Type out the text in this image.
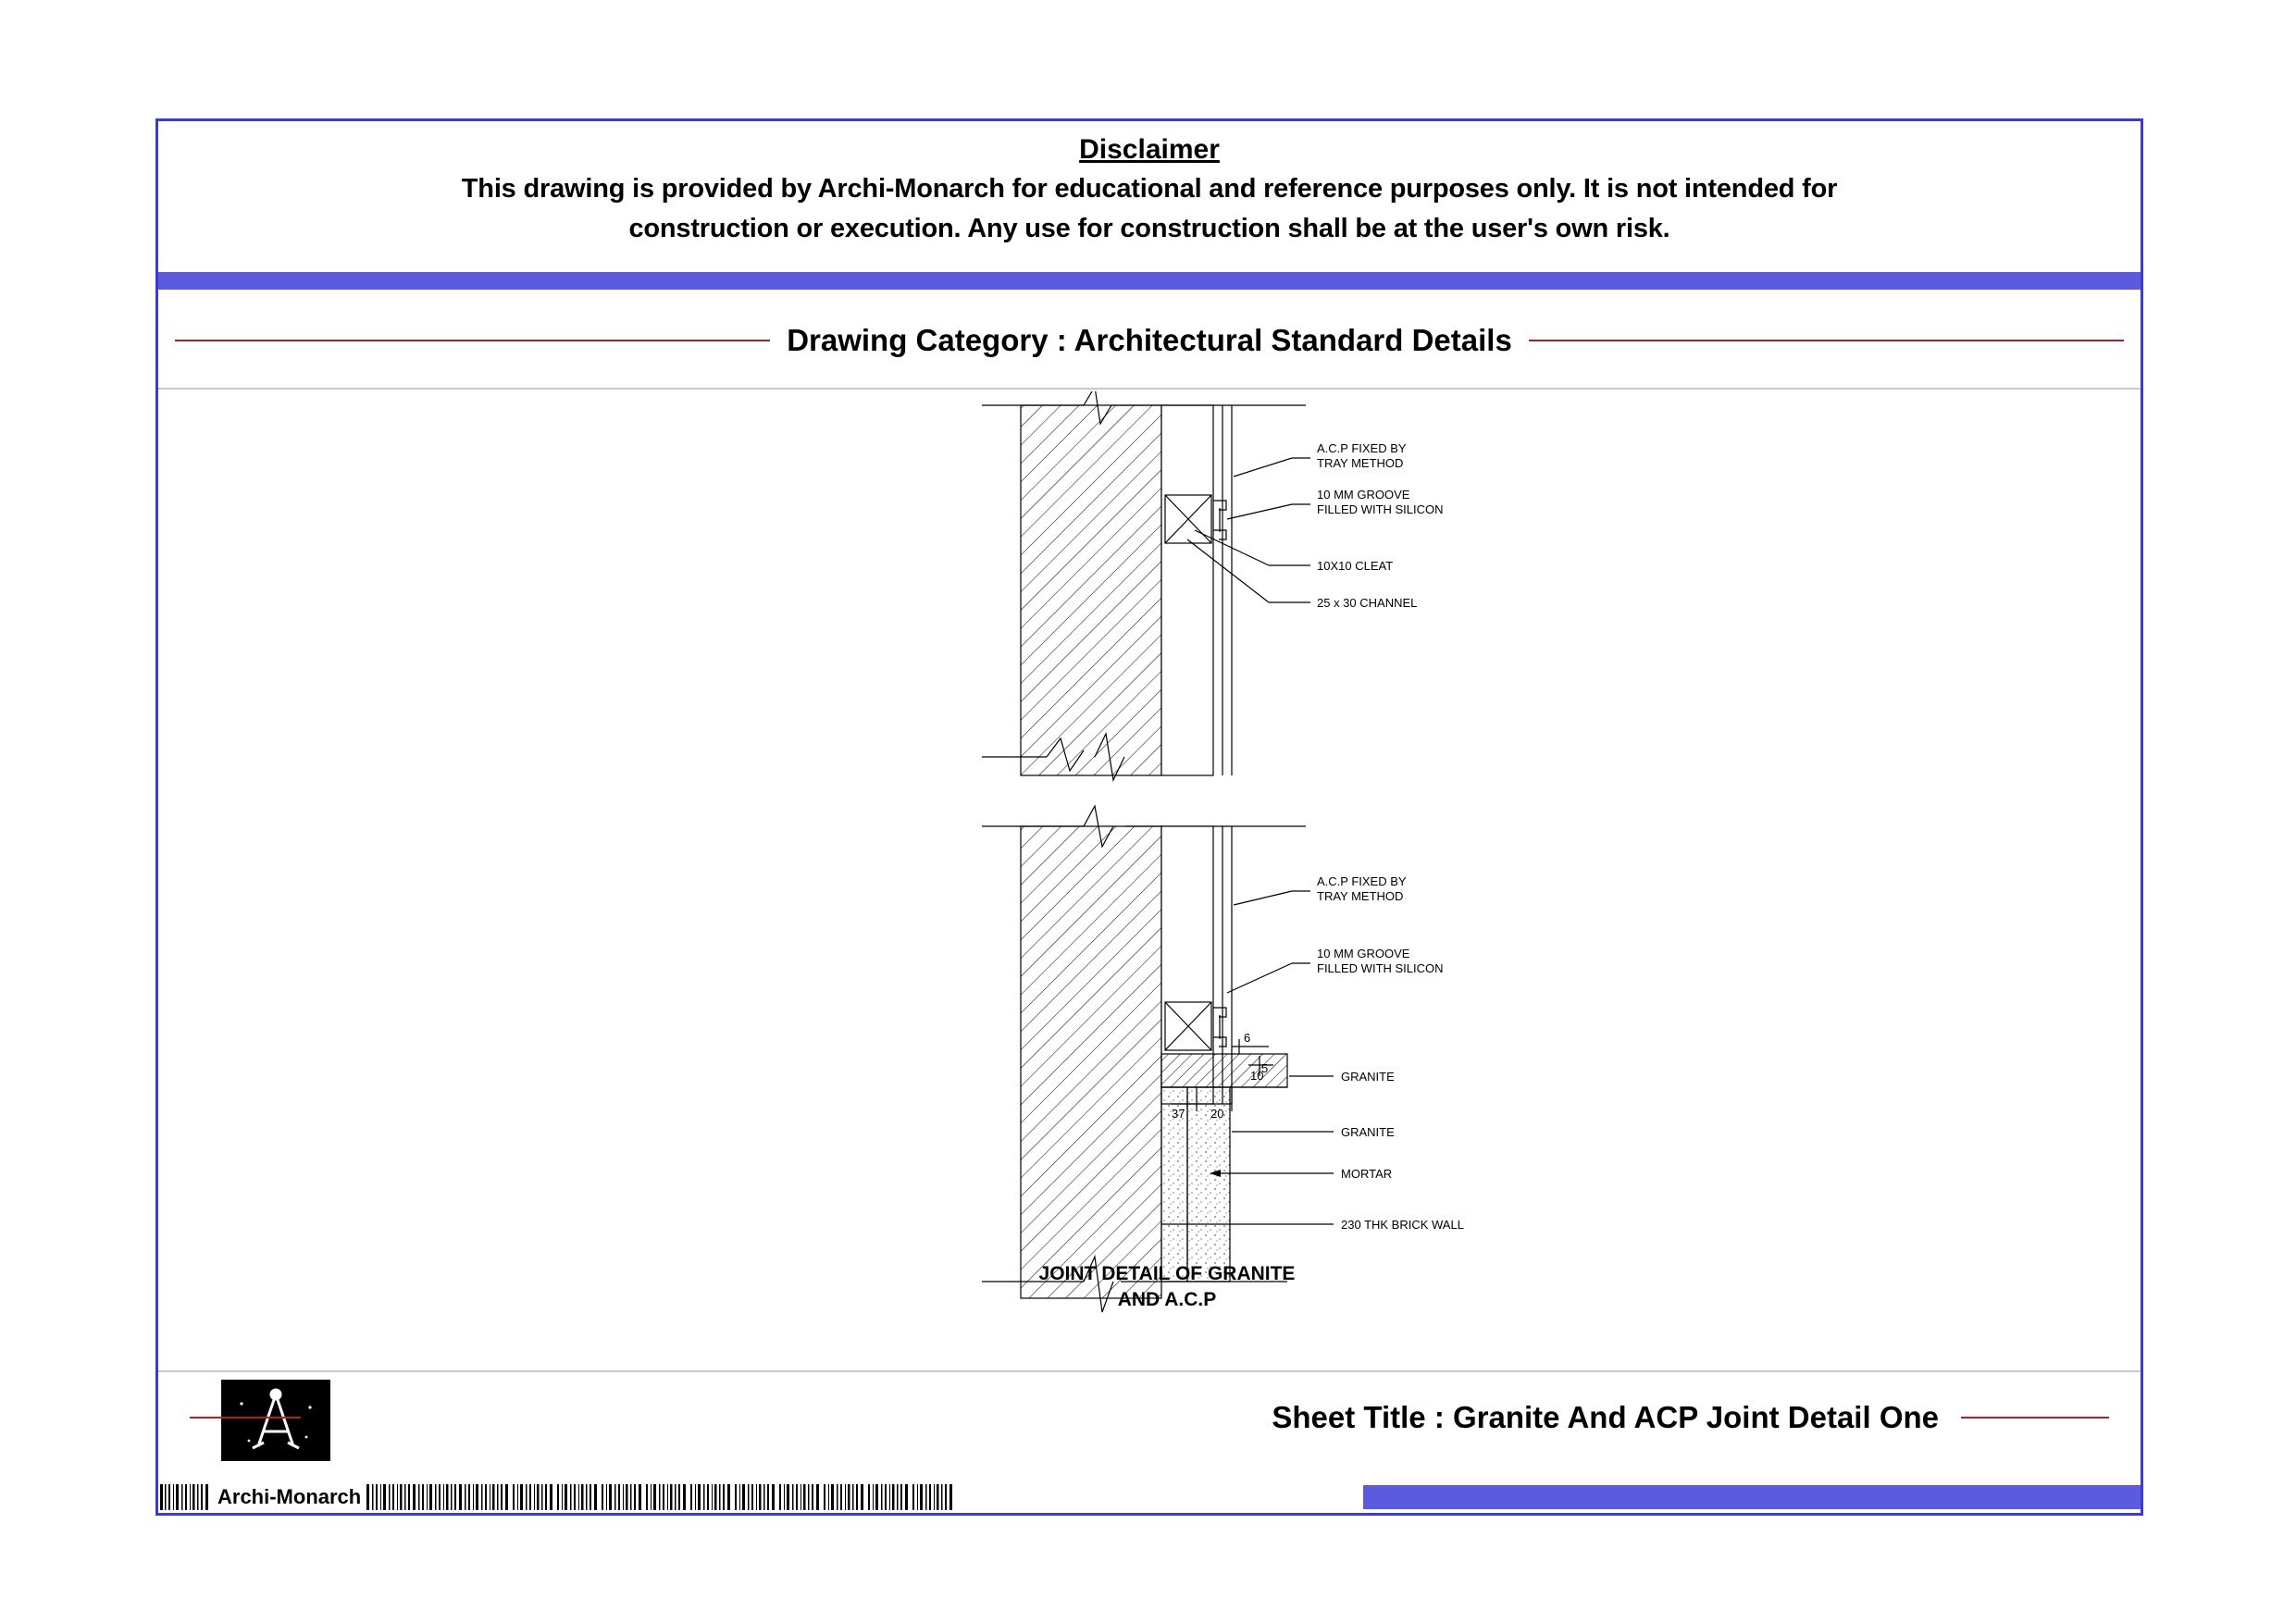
Disclaimer
This drawing is provided by Archi-Monarch for educational and reference purposes only. It is not intended for
construction or execution. Any use for construction shall be at the user's own risk.
Drawing Category : Architectural Standard Details
A.C.P FIXED BY
TRAY METHOD
10 MM GROOVE
FILLED WITH SILICON
10X10 CLEAT
25 x 30 CHANNEL
A.C.P FIXED BY
TRAY METHOD
10 MM GROOVE
FILLED WITH SILICON
GRANITE
GRANITE
MORTAR
230 THK BRICK WALL
37 20
10
6
5
JOINT DETAIL OF GRANITE
AND A.C.P
Sheet Title : Granite And ACP Joint Detail One
Archi-Monarch
